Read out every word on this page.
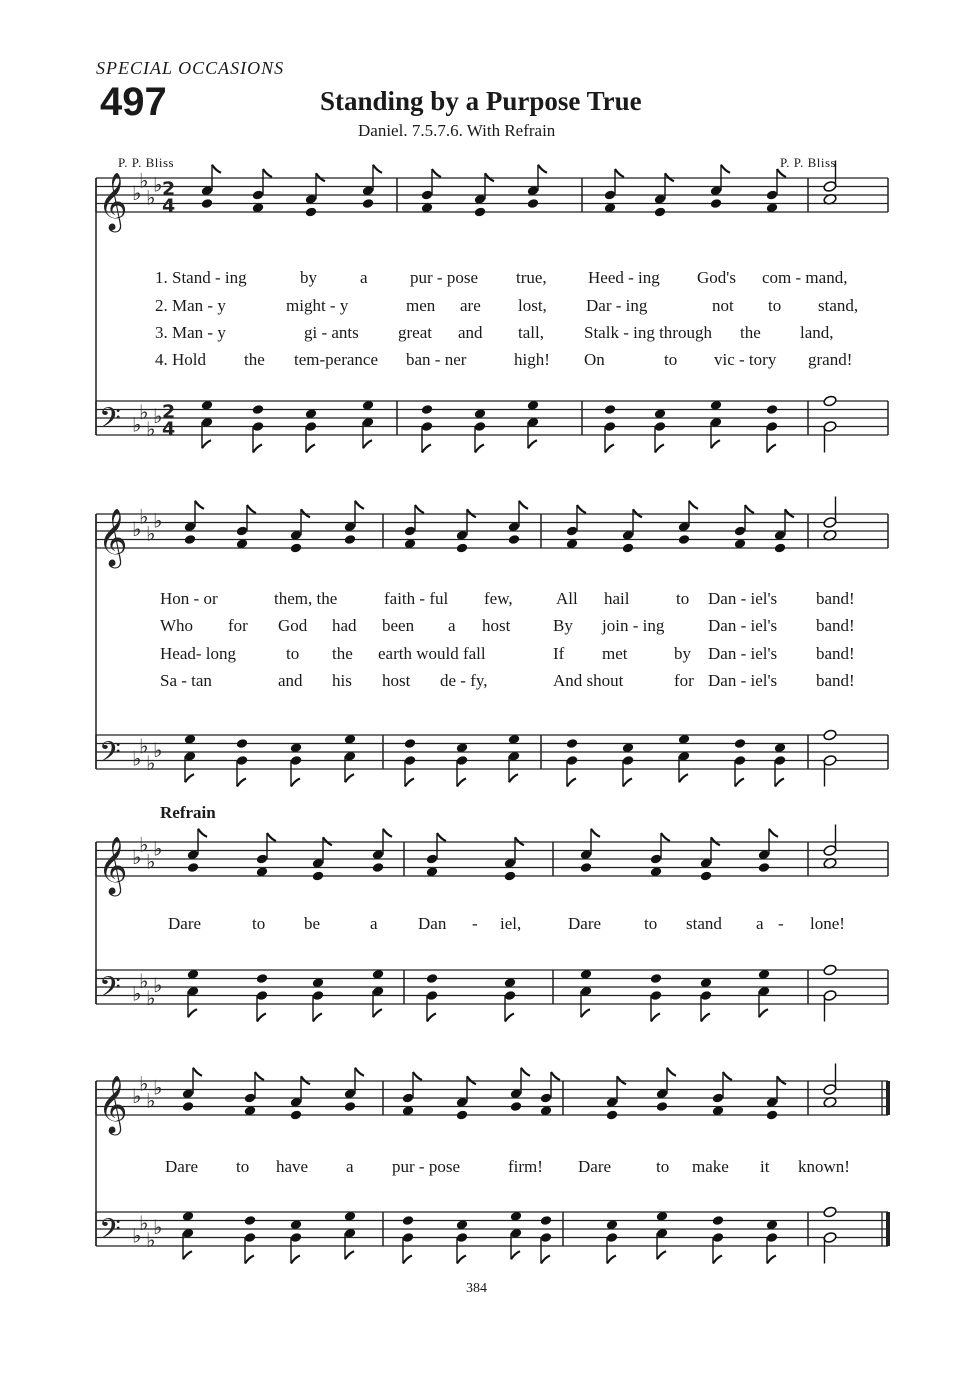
SPECIAL OCCASIONS
497	Standing by a Purpose True
Daniel. 7.5.7.6. With Refrain
P. P. Bliss	P. P. Bliss
𝄞 ♭
♭
♭
♭ 2
4
𝄢 ♭
♭
♭
♭ 2
4
𝄞 ♭
♭
♭
♭
𝄢 ♭
♭
♭
♭
𝄞 ♭
♭
♭
♭
𝄢 ♭
♭
♭
♭
𝄞 ♭
♭
♭
♭
𝄢 ♭
♭
♭
♭
1. Stand - ing	by	a pur - pose true, Heed - ing God's com - mand,
2. Man - y	might - y	men are lost, Dar - ing	not to stand,
3. Man - y	gi - ants great and tall, Stalk - ing through the land,
4. Hold the tem-perance ban - ner	high! On	to vic - tory grand!
Hon - or	them, the	faith - ful few,	All hail	to Dan - iel's band!
Who for God had been a host	By join - ing	Dan - iel's band!
Head- long	to the earth would fall	If met	by Dan - iel's band!
Sa - tan	and his host de - fy,	And shout	for Dan - iel's band!
Dare	to be	a Dan - iel,	Dare	to stand a - lone!
Dare to have a pur - pose	firm! Dare	to make it known!
Refrain
384
